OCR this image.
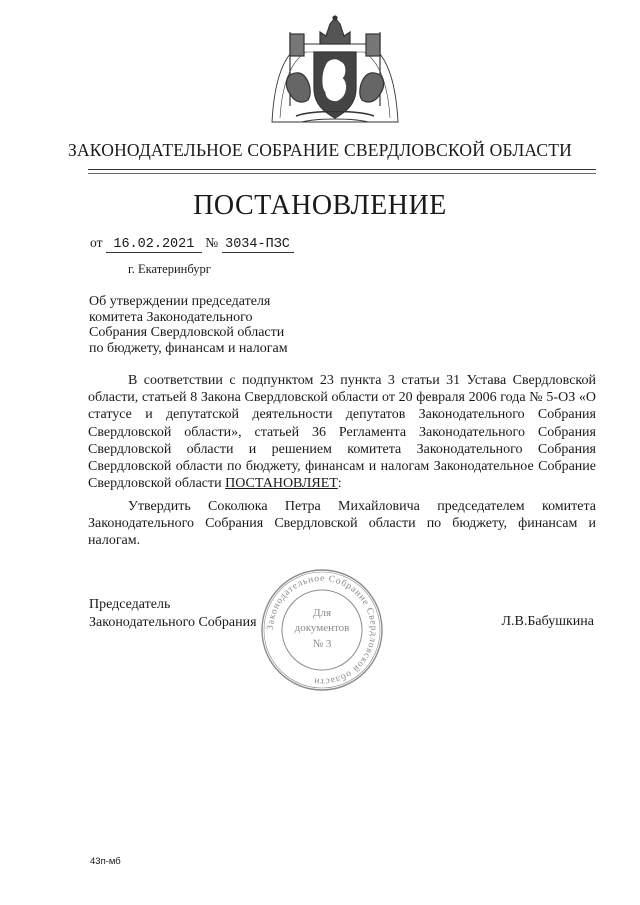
ЗАКОНОДАТЕЛЬНОЕ СОБРАНИЕ СВЕРДЛОВСКОЙ ОБЛАСТИ
ПОСТАНОВЛЕНИЕ
от 16.02.2021 № 3034-ПЗС
г. Екатеринбург
Об утверждении председателя
комитета Законодательного
Собрания Свердловской области
по бюджету, финансам и налогам
В соответствии с подпунктом 23 пункта 3 статьи 31 Устава Свердловской области, статьей 8 Закона Свердловской области от 20 февраля 2006 года № 5-ОЗ «О статусе и депутатской деятельности депутатов Законодательного Собрания Свердловской области», статьей 36 Регламента Законодательного Собрания Свердловской области и решением комитета Законодательного Собрания Свердловской области по бюджету, финансам и налогам Законодательное Собрание Свердловской области ПОСТАНОВЛЯЕТ:
Утвердить Соколюка Петра Михайловича председателем комитета Законодательного Собрания Свердловской области по бюджету, финансам и налогам.
Председатель
Законодательного Собрания Законодательное Собрание Свердловской области
Для
документов
№ 3
Л.В.Бабушкина
43п-мб
